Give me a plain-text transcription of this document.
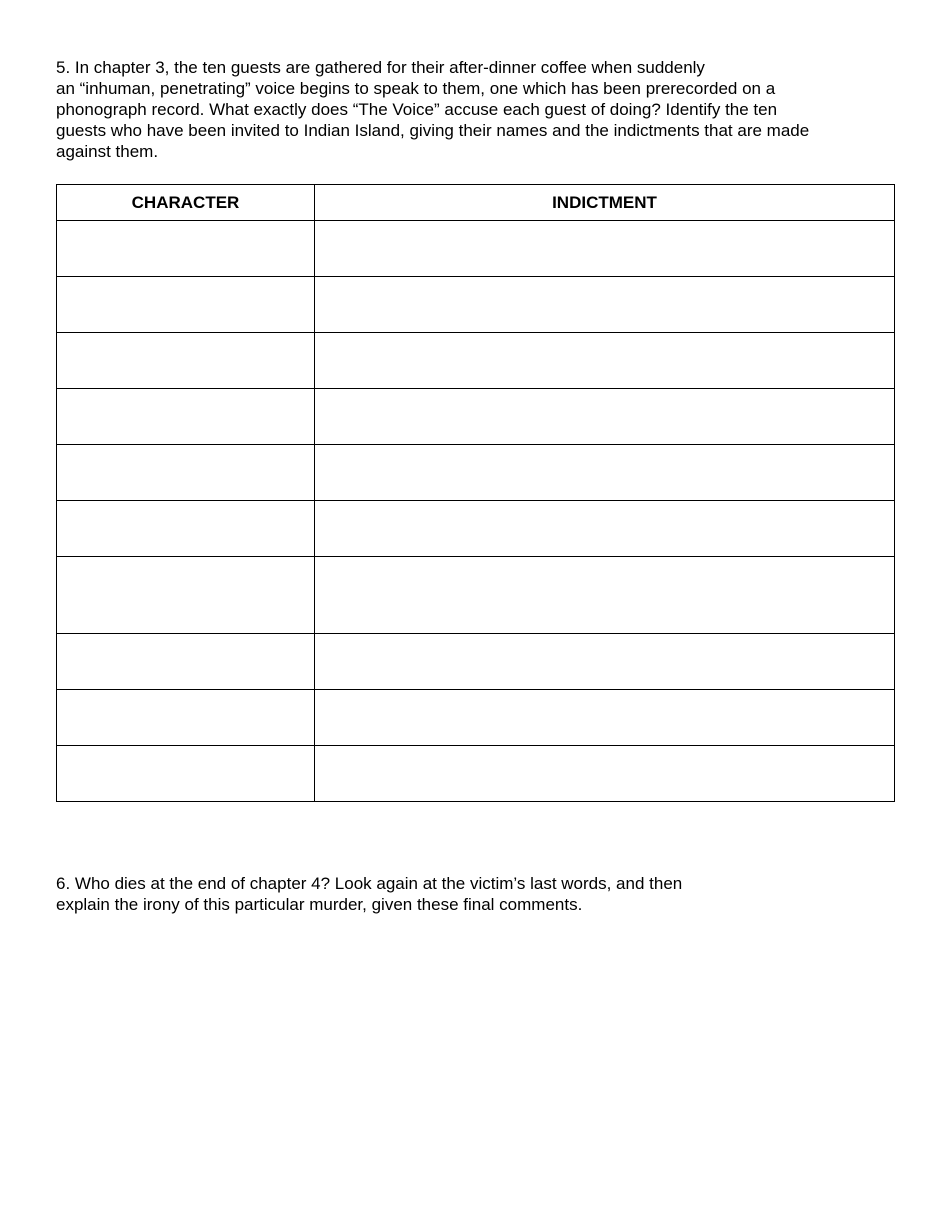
5. In chapter 3, the ten guests are gathered for their after-dinner coffee when suddenly
an “inhuman, penetrating” voice begins to speak to them, one which has been prerecorded on a
phonograph record. What exactly does “The Voice” accuse each guest of doing? Identify the ten
guests who have been invited to Indian Island, giving their names and the indictments that are made
against them.
CHARACTER	INDICTMENT

6. Who dies at the end of chapter 4? Look again at the victim’s last words, and then
explain the irony of this particular murder, given these final comments.
